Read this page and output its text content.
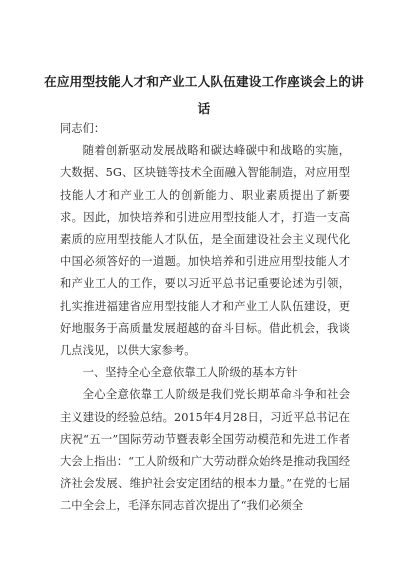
在应用型技能人才和产业工人队伍建设工作座谈会上的讲话

同志们：

随着创新驱动发展战略和碳达峰碳中和战略的实施，大数据、5G、区块链等技术全面融入智能制造，对应用型技能人才和产业工人的创新能力、职业素质提出了新要求。因此，加快培养和引进应用型技能人才，打造一支高素质的应用型技能人才队伍，是全面建设社会主义现代化中国必须答好的一道题。加快培养和引进应用型技能人才和产业工人的工作，要以习近平总书记重要论述为引领，扎实推进福建省应用型技能人才和产业工人队伍建设，更好地服务于高质量发展超越的奋斗目标。借此机会，我谈几点浅见，以供大家参考。

一、坚持全心全意依靠工人阶级的基本方针

全心全意依靠工人阶级是我们党长期革命斗争和社会主义建设的经验总结。2015年4月28日，习近平总书记在庆祝“五一”国际劳动节暨表彰全国劳动模范和先进工作者大会上指出：“工人阶级和广大劳动群众始终是推动我国经济社会发展、维护社会安定团结的根本力量。”在党的七届二中全会上，毛泽东同志首次提出了“我们必须全
